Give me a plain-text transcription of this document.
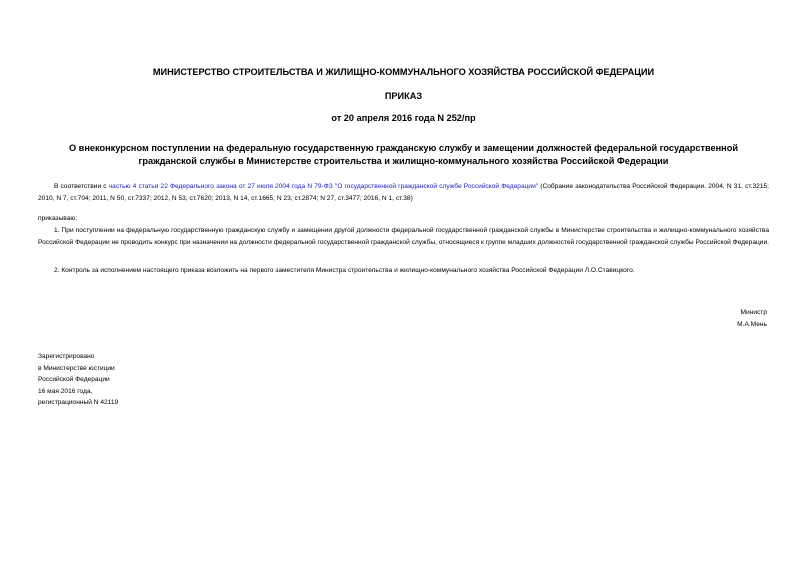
МИНИСТЕРСТВО СТРОИТЕЛЬСТВА И ЖИЛИЩНО-КОММУНАЛЬНОГО ХОЗЯЙСТВА РОССИЙСКОЙ ФЕДЕРАЦИИ
ПРИКАЗ
от 20 апреля 2016 года N 252/пр
О внеконкурсном поступлении на федеральную государственную гражданскую службу и замещении должностей федеральной государственной гражданской службы в Министерстве строительства и жилищно-коммунального хозяйства Российской Федерации
В соответствии с частью 4 статьи 22 Федерального закона от 27 июля 2004 года N 79-ФЗ "О государственной гражданской службе Российской Федерации" (Собрание законодательства Российской Федерации, 2004, N 31, ст.3215; 2010, N 7, ст.704; 2011, N 50, ст.7337; 2012, N 53, ст.7620; 2013, N 14, ст.1665; N 23, ст.2874; N 27, ст.3477; 2016, N 1, ст.38)
приказываю:
1. При поступлении на федеральную государственную гражданскую службу и замещении другой должности федеральной государственной гражданской службы в Министерстве строительства и жилищно-коммунального хозяйства Российской Федерации не проводить конкурс при назначении на должности федеральной государственной гражданской службы, относящиеся к группе младших должностей государственной гражданской службы Российской Федерации.
2. Контроль за исполнением настоящего приказа возложить на первого заместителя Министра строительства и жилищно-коммунального хозяйства Российской Федерации Л.О.Ставицкого.
Министр
М.А.Мень
Зарегистрировано
в Министерстве юстиции
Российской Федерации
16 мая 2016 года,
регистрационный N 42119
